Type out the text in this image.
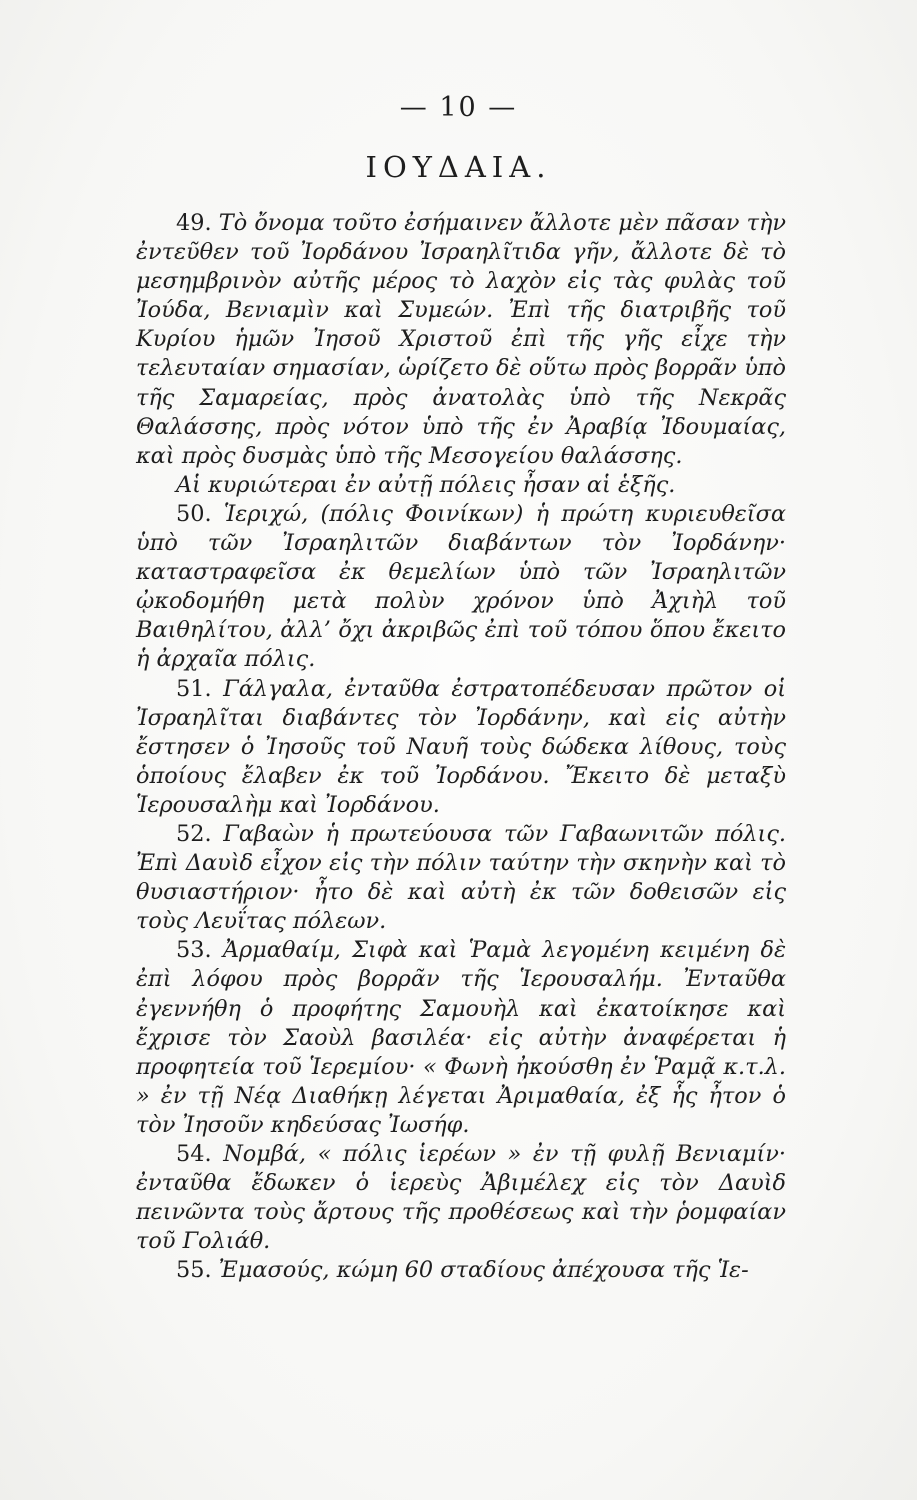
— 10 —
ΙΟΥΔΑΙΑ.

49. Τὸ ὄνομα τοῦτο ἐσήμαινεν ἄλλοτε μὲν πᾶσαν τὴν ἐντεῦθεν τοῦ Ἰορδάνου Ἰσραηλῖτιδα γῆν, ἄλλοτε δὲ τὸ μεσημβρινὸν αὐτῆς μέρος τὸ λαχὸν εἰς τὰς φυλὰς τοῦ Ἰούδα, Βενιαμὶν καὶ Συμεών. Ἐπὶ τῆς διατριβῆς τοῦ Κυρίου ἡμῶν Ἰησοῦ Χριστοῦ ἐπὶ τῆς γῆς εἶχε τὴν τελευταίαν σημασίαν, ὡρίζετο δὲ οὕτω πρὸς βορρᾶν ὑπὸ τῆς Σαμαρείας, πρὸς ἀνατολὰς ὑπὸ τῆς Νεκρᾶς Θαλάσσης, πρὸς νότον ὑπὸ τῆς ἐν Ἀραβίᾳ Ἰδουμαίας, καὶ πρὸς δυσμὰς ὑπὸ τῆς Μεσογείου θαλάσσης.

Αἱ κυριώτεραι ἐν αὐτῇ πόλεις ἦσαν αἱ ἑξῆς.

50. Ἱεριχώ, (πόλις Φοινίκων) ἡ πρώτη κυριευθεῖσα ὑπὸ τῶν Ἰσραηλιτῶν διαβάντων τὸν Ἰορδάνην· καταστραφεῖσα ἐκ θεμελίων ὑπὸ τῶν Ἰσραηλιτῶν ᾠκοδομήθη μετὰ πολὺν χρόνον ὑπὸ Ἀχιὴλ τοῦ Βαιθηλίτου, ἀλλ’ ὄχι ἀκριβῶς ἐπὶ τοῦ τόπου ὅπου ἔκειτο ἡ ἀρχαῖα πόλις.

51. Γάλγαλα, ἐνταῦθα ἐστρατοπέδευσαν πρῶτον οἱ Ἰσραηλῖται διαβάντες τὸν Ἰορδάνην, καὶ εἰς αὐτὴν ἔστησεν ὁ Ἰησοῦς τοῦ Ναυῆ τοὺς δώδεκα λίθους, τοὺς ὁποίους ἔλαβεν ἐκ τοῦ Ἰορδάνου. Ἔκειτο δὲ μεταξὺ Ἱερουσαλὴμ καὶ Ἰορδάνου.

52. Γαβαὼν ἡ πρωτεύουσα τῶν Γαβαωνιτῶν πόλις. Ἐπὶ Δαυὶδ εἶχον εἰς τὴν πόλιν ταύτην τὴν σκηνὴν καὶ τὸ θυσιαστήριον· ἦτο δὲ καὶ αὐτὴ ἐκ τῶν δοθεισῶν εἰς τοὺς Λευΐτας πόλεων.

53. Ἀρμαθαίμ, Σιφὰ καὶ Ῥαμὰ λεγομένη κειμένη δὲ ἐπὶ λόφου πρὸς βορρᾶν τῆς Ἱερουσαλήμ. Ἐνταῦθα ἐγεννήθη ὁ προφήτης Σαμουὴλ καὶ ἐκατοίκησε καὶ ἔχρισε τὸν Σαοὺλ βασιλέα· εἰς αὐτὴν ἀναφέρεται ἡ προφητεία τοῦ Ἱερεμίου· « Φωνὴ ἠκούσθη ἐν Ῥαμᾷ κ.τ.λ. » ἐν τῇ Νέᾳ Διαθήκῃ λέγεται Ἀριμαθαία, ἐξ ἧς ἦτον ὁ τὸν Ἰησοῦν κηδεύσας Ἰωσήφ.

54. Νομβά, « πόλις ἱερέων » ἐν τῇ φυλῇ Βενιαμίν· ἐνταῦθα ἔδωκεν ὁ ἱερεὺς Ἀβιμέλεχ εἰς τὸν Δαυὶδ πεινῶντα τοὺς ἄρτους τῆς προθέσεως καὶ τὴν ῥομφαίαν τοῦ Γολιάθ.

55. Ἐμασούς, κώμη 60 σταδίους ἀπέχουσα τῆς Ἱε-
